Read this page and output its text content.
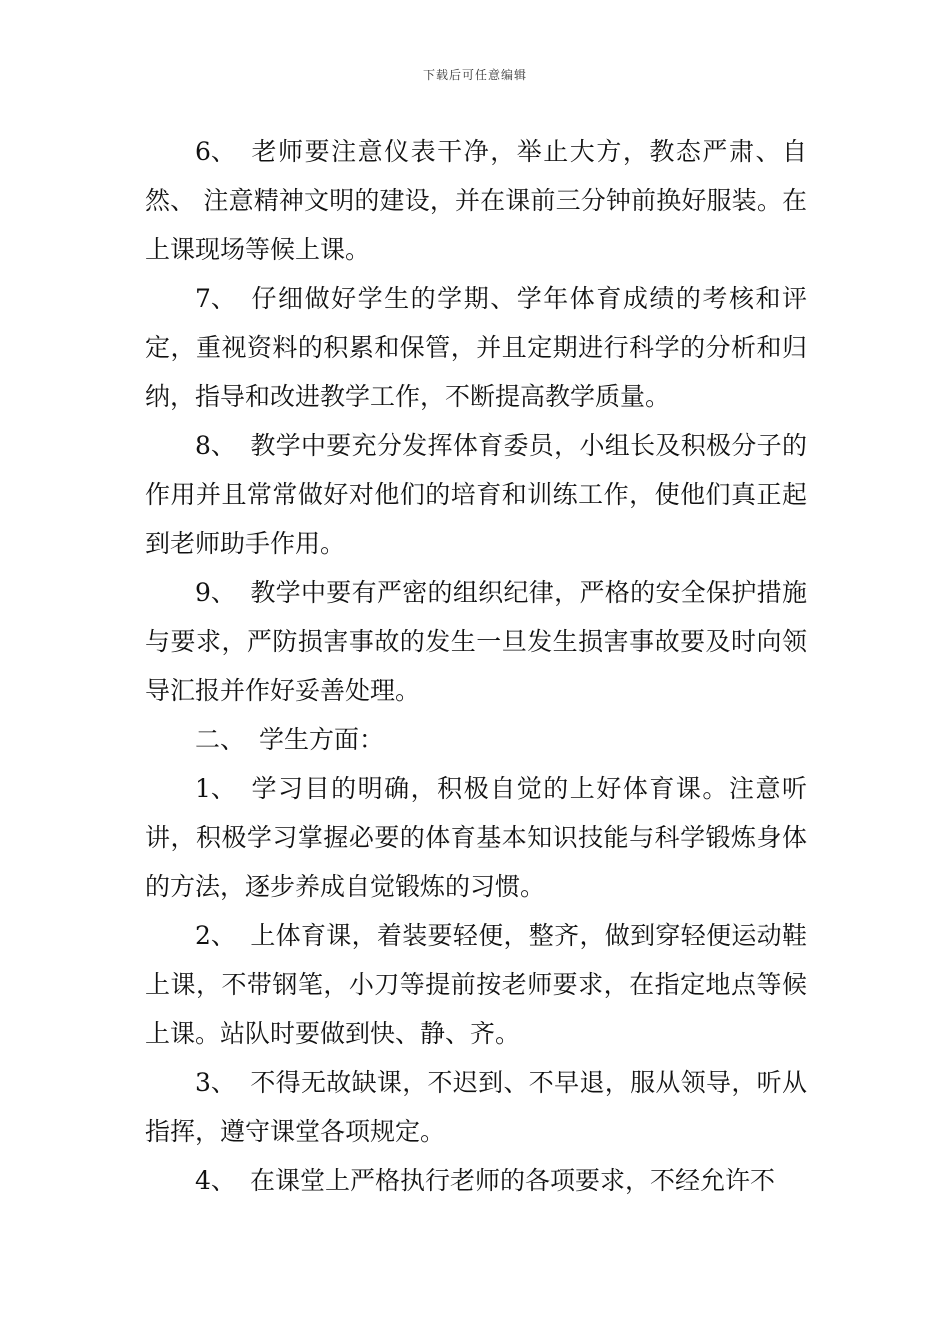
下载后可任意编辑

6、 老师要注意仪表干净，举止大方，教态严肃、自然、 注意精神文明的建设，并在课前三分钟前换好服装。在上课现场等候上课。

7、 仔细做好学生的学期、学年体育成绩的考核和评定，重视资料的积累和保管，并且定期进行科学的分析和归纳，指导和改进教学工作，不断提高教学质量。

8、 教学中要充分发挥体育委员，小组长及积极分子的作用并且常常做好对他们的培育和训练工作，使他们真正起到老师助手作用。

9、 教学中要有严密的组织纪律，严格的安全保护措施与要求，严防损害事故的发生一旦发生损害事故要及时向领导汇报并作好妥善处理。

二、 学生方面：

1、 学习目的明确，积极自觉的上好体育课。注意听讲，积极学习掌握必要的体育基本知识技能与科学锻炼身体的方法，逐步养成自觉锻炼的习惯。

2、 上体育课，着装要轻便，整齐，做到穿轻便运动鞋上课，不带钢笔，小刀等提前按老师要求，在指定地点等候上课。站队时要做到快、静、齐。

3、 不得无故缺课，不迟到、不早退，服从领导，听从指挥，遵守课堂各项规定。

4、 在课堂上严格执行老师的各项要求，不经允许不
